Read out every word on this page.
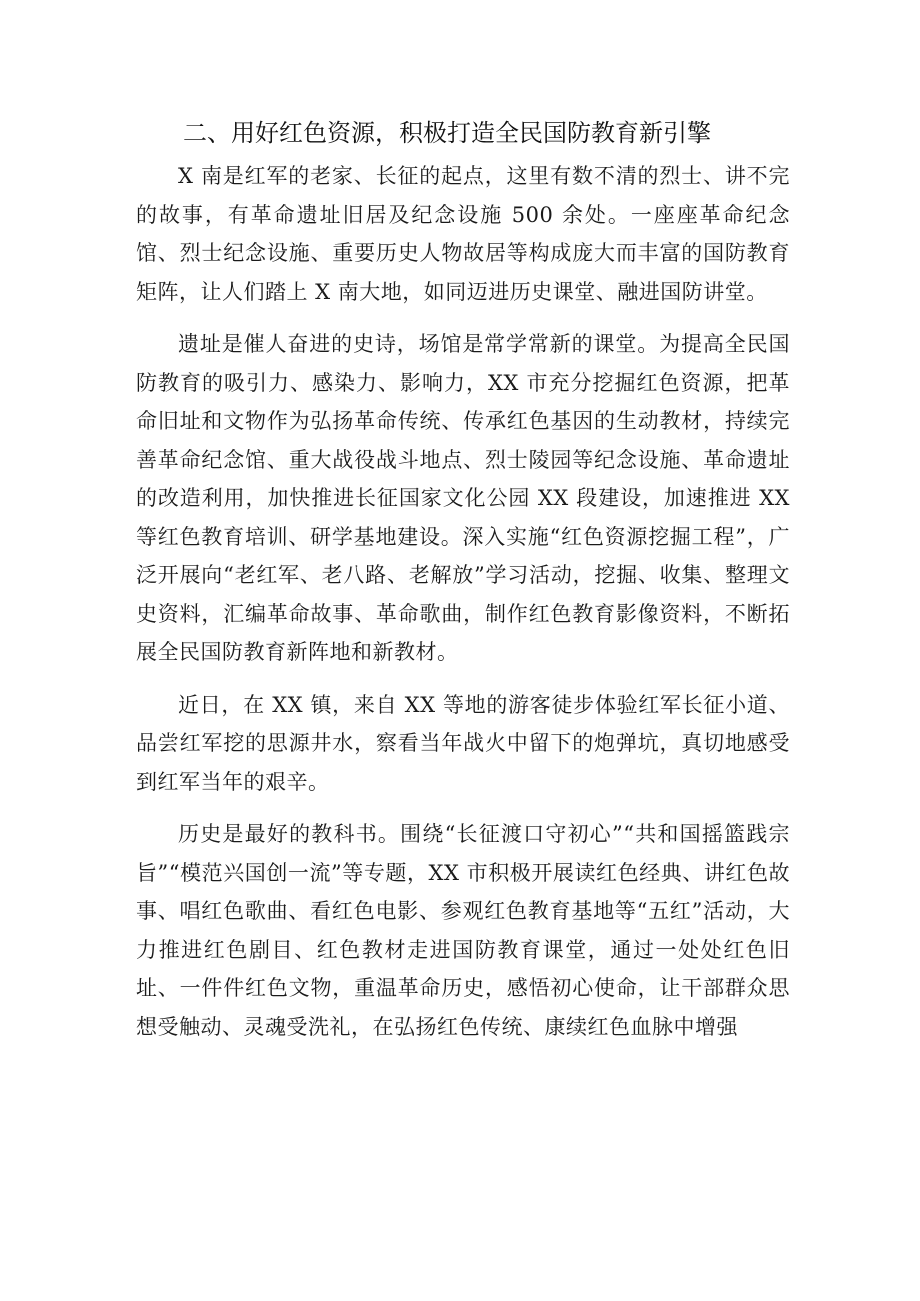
二、用好红色资源，积极打造全民国防教育新引擎

X 南是红军的老家、长征的起点，这里有数不清的烈士、讲不完的故事，有革命遗址旧居及纪念设施 500 余处。一座座革命纪念馆、烈士纪念设施、重要历史人物故居等构成庞大而丰富的国防教育矩阵，让人们踏上 X 南大地，如同迈进历史课堂、融进国防讲堂。

遗址是催人奋进的史诗，场馆是常学常新的课堂。为提高全民国防教育的吸引力、感染力、影响力，XX 市充分挖掘红色资源，把革命旧址和文物作为弘扬革命传统、传承红色基因的生动教材，持续完善革命纪念馆、重大战役战斗地点、烈士陵园等纪念设施、革命遗址的改造利用，加快推进长征国家文化公园 XX 段建设，加速推进 XX 等红色教育培训、研学基地建设。深入实施“红色资源挖掘工程”，广泛开展向“老红军、老八路、老解放”学习活动，挖掘、收集、整理文史资料，汇编革命故事、革命歌曲，制作红色教育影像资料，不断拓展全民国防教育新阵地和新教材。

近日，在 XX 镇，来自 XX 等地的游客徒步体验红军长征小道、品尝红军挖的思源井水，察看当年战火中留下的炮弹坑，真切地感受到红军当年的艰辛。

历史是最好的教科书。围绕“长征渡口守初心”“共和国摇篮践宗旨”“模范兴国创一流”等专题，XX 市积极开展读红色经典、讲红色故事、唱红色歌曲、看红色电影、参观红色教育基地等“五红”活动，大力推进红色剧目、红色教材走进国防教育课堂，通过一处处红色旧址、一件件红色文物，重温革命历史，感悟初心使命，让干部群众思想受触动、灵魂受洗礼，在弘扬红色传统、康续红色血脉中增强
